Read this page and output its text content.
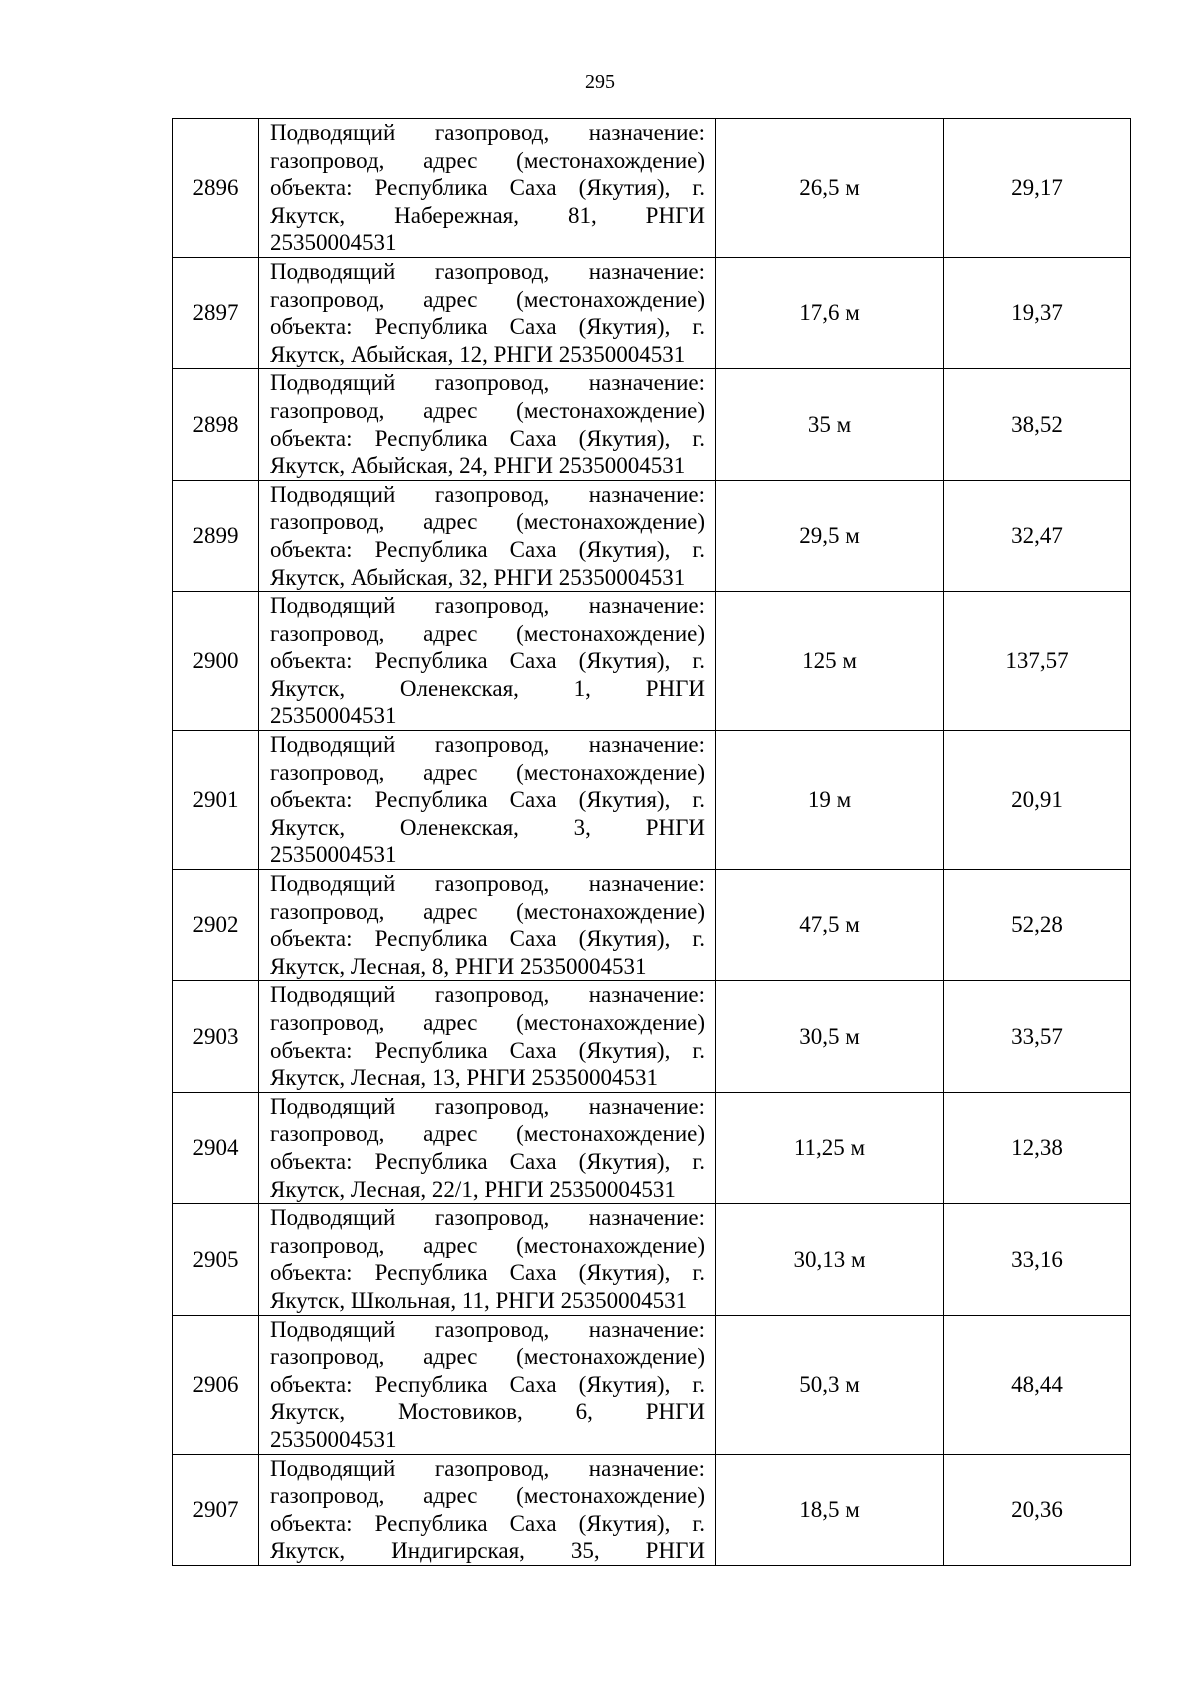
295
2896	Подводящий газопровод, назначение:
газопровод, адрес (местонахождение)
объекта: Республика Саха (Якутия), г.
Якутск, Набережная, 81, РНГИ
25350004531	26,5 м	29,17
2897	Подводящий газопровод, назначение:
газопровод, адрес (местонахождение)
объекта: Республика Саха (Якутия), г.
Якутск, Абыйская, 12, РНГИ 25350004531	17,6 м	19,37
2898	Подводящий газопровод, назначение:
газопровод, адрес (местонахождение)
объекта: Республика Саха (Якутия), г.
Якутск, Абыйская, 24, РНГИ 25350004531	35 м	38,52
2899	Подводящий газопровод, назначение:
газопровод, адрес (местонахождение)
объекта: Республика Саха (Якутия), г.
Якутск, Абыйская, 32, РНГИ 25350004531	29,5 м	32,47
2900	Подводящий газопровод, назначение:
газопровод, адрес (местонахождение)
объекта: Республика Саха (Якутия), г.
Якутск, Оленекская, 1, РНГИ
25350004531	125 м	137,57
2901	Подводящий газопровод, назначение:
газопровод, адрес (местонахождение)
объекта: Республика Саха (Якутия), г.
Якутск, Оленекская, 3, РНГИ
25350004531	19 м	20,91
2902	Подводящий газопровод, назначение:
газопровод, адрес (местонахождение)
объекта: Республика Саха (Якутия), г.
Якутск, Лесная, 8, РНГИ 25350004531	47,5 м	52,28
2903	Подводящий газопровод, назначение:
газопровод, адрес (местонахождение)
объекта: Республика Саха (Якутия), г.
Якутск, Лесная, 13, РНГИ 25350004531	30,5 м	33,57
2904	Подводящий газопровод, назначение:
газопровод, адрес (местонахождение)
объекта: Республика Саха (Якутия), г.
Якутск, Лесная, 22/1, РНГИ 25350004531	11,25 м	12,38
2905	Подводящий газопровод, назначение:
газопровод, адрес (местонахождение)
объекта: Республика Саха (Якутия), г.
Якутск, Школьная, 11, РНГИ 25350004531	30,13 м	33,16
2906	Подводящий газопровод, назначение:
газопровод, адрес (местонахождение)
объекта: Республика Саха (Якутия), г.
Якутск, Мостовиков, 6, РНГИ
25350004531	50,3 м	48,44
2907	Подводящий газопровод, назначение:
газопровод, адрес (местонахождение)
объекта: Республика Саха (Якутия), г.
Якутск, Индигирская, 35, РНГИ	18,5 м	20,36
